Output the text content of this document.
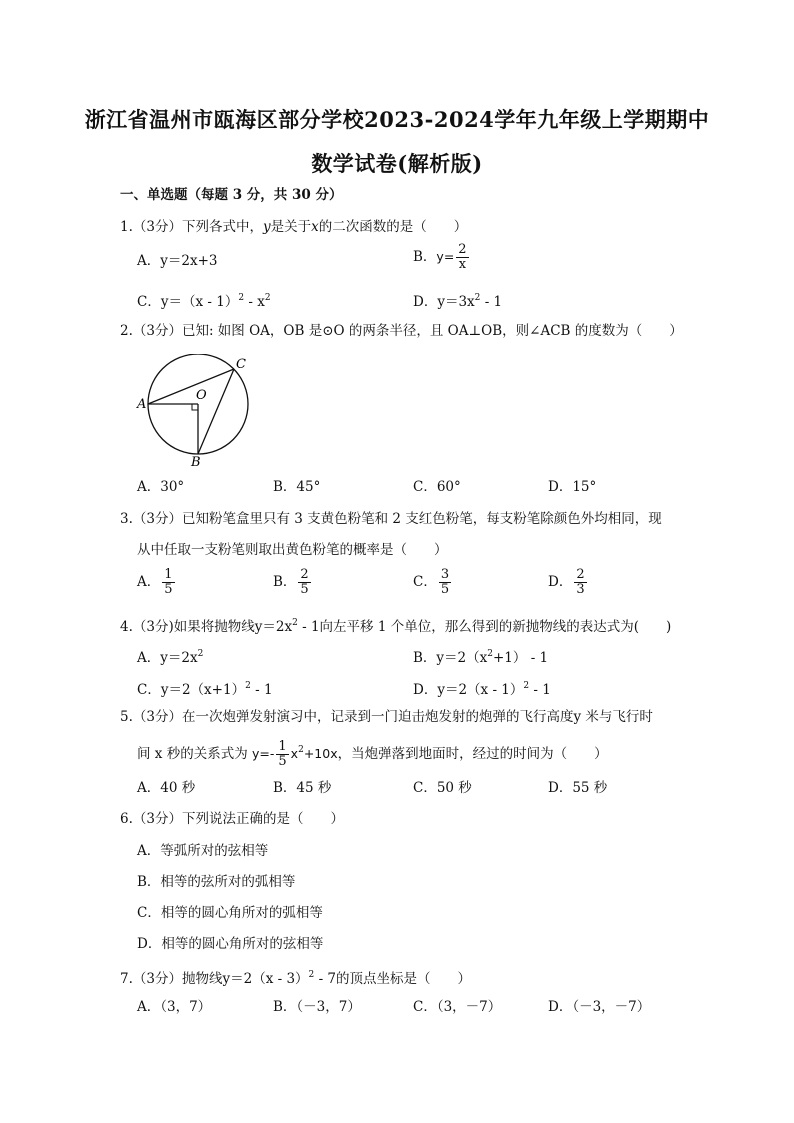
浙江省温州市瓯海区部分学校2023-2024学年九年级上学期期中
数学试卷(解析版)
一、单选题（每题 3 分，共 30 分）
1.（3分）下列各式中，y是关于x的二次函数的是（　　）
A．y＝2x+3	B．$y= \frac{2}{x}$
C．$y=(x - 1)^2 - x^2$	D．$y=3x^2 - 1$
2.（3分）已知: 如图 OA，OB 是⊙O 的两条半径，且 OA⊥OB，则∠ACB 的度数为（　　）
A
C
O
B
A．30°	B．45°	C．60°	D．15°
3.（3分）已知粉笔盒里只有 3 支黄色粉笔和 2 支红色粉笔，每支粉笔除颜色外均相同，现
从中任取一支粉笔则取出黄色粉笔的概率是（　　）
A． $\frac{1}{5}$	B． $\frac{2}{5}$	C． $\frac{3}{5}$	D． $\frac{2}{3}$
4.（3分)如果将抛物线$y=2x^2 - 1$向左平移 1 个单位，那么得到的新抛物线的表达式为(　　)
A．$y=2x^2$	B．$y=2(x^2+1) - 1$
C．$y=2(x+1)^2 - 1$	D．y＝2（x - 1）$^2$ - 1
5.（3分）在一次炮弹发射演习中，记录到一门迫击炮发射的炮弹的飞行高度y 米与飞行时
间 x 秒的关系式为 $y=- \frac{1}{5} x^2+10x$，当炮弹落到地面时，经过的时间为（　　）
A．40 秒	B．45 秒	C．50 秒	D．55 秒
6.（3分）下列说法正确的是（　　）
A．等弧所对的弦相等
B．相等的弦所对的弧相等
C．相等的圆心角所对的弧相等
D．相等的圆心角所对的弦相等
7.（3分）抛物线y＝2（x - 3）$^2$ - 7的顶点坐标是（　　）
A．（3，7）	B．（－3，7）	C．（3，－7）	D．（－3，－7）
